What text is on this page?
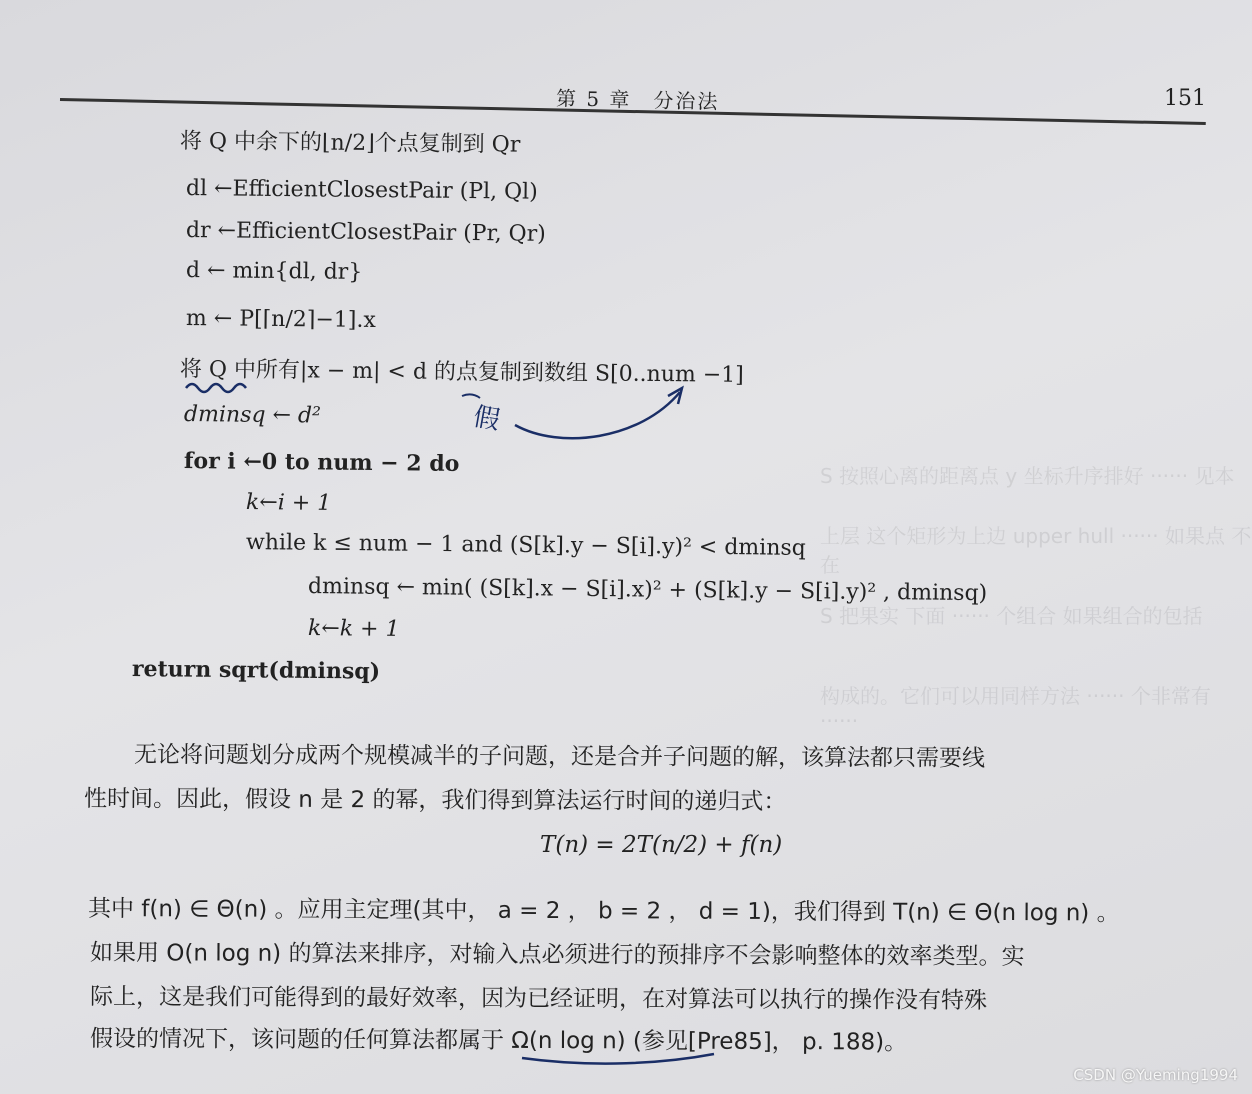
S 按照心离的距离点 y 坐标升序排好 ······ 见本
上层 这个矩形为上边 upper hull ······ 如果点 不在
S 把果实 下面 ······ 个组合 如果组合的包括
构成的。它们可以用同样方法 ······ 个非常有 ······
第 5 章　分治法	151
将 Q 中余下的⌊n/2⌋个点复制到 Qr
dl ←EfficientClosestPair (Pl, Ql)
dr ←EfficientClosestPair (Pr, Qr)
d ← min{dl, dr}
m ← P[⌈n/2⌉−1].x
将 Q 中所有|x − m| < d 的点复制到数组 S[0..num −1]
dminsq ← d²
for i ←0 to num − 2 do
k←i + 1
while k ≤ num − 1 and (S[k].y − S[i].y)² < dminsq
dminsq ← min( (S[k].x − S[i].x)² + (S[k].y − S[i].y)² , dminsq)
k←k + 1
return sqrt(dminsq)
假
无论将问题划分成两个规模减半的子问题，还是合并子问题的解，该算法都只需要线
性时间。因此，假设 n 是 2 的幂，我们得到算法运行时间的递归式：
T(n) = 2T(n/2) + f(n)
其中 f(n) ∈ Θ(n) 。应用主定理(其中， a = 2 ， b = 2 ， d = 1)，我们得到 T(n) ∈ Θ(n log n) 。
如果用 O(n log n) 的算法来排序，对输入点必须进行的预排序不会影响整体的效率类型。实
际上，这是我们可能得到的最好效率，因为已经证明，在对算法可以执行的操作没有特殊
假设的情况下，该问题的任何算法都属于 Ω(n log n) (参见[Pre85]， p. 188)。
CSDN @Yueming1994
